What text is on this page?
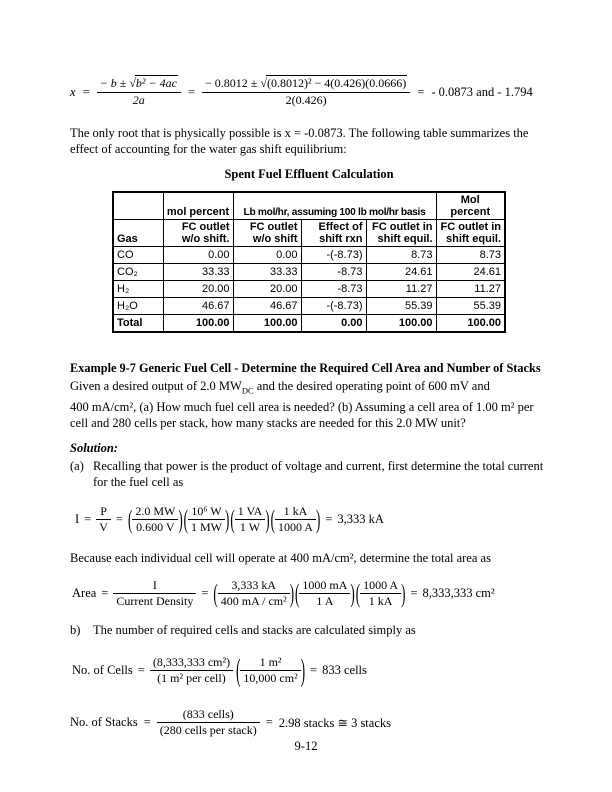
$x = \frac{\text{− b ± √b² − 4ac}}{2a} = \frac{\text{− 0.8012 ± √(0.8012)² − 4(0.426)(0.0666)}}{2(0.426)}$ = - 0.0873 and - 1.794

The only root that is physically possible is x = -0.0873. The following table summarizes the
effect of accounting for the water gas shift equilibrium:

Spent Fuel Effluent Calculation
	mol percent	Lb mol/hr, assuming 100 lb mol/hr basis			Mol percent
Gas	FC outlet w/o shift.	FC outlet w/o shift	Effect of shift rxn	FC outlet in shift equil.	FC outlet in shift equil.
CO	0.00	0.00	-(-8.73)	8.73	8.73
CO₂	33.33	33.33	-8.73	24.61	24.61
H₂	20.00	20.00	-8.73	11.27	11.27
H₂O	46.67	46.67	-(-8.73)	55.39	55.39
Total	100.00	100.00	0.00	100.00	100.00
Example 9-7 Generic Fuel Cell - Determine the Required Cell Area and Number of Stacks
Given a desired output of 2.0 $MW_{DC}$ and the desired operating point of 600 mV and
400 mA/cm², (a) How much fuel cell area is needed? (b) Assuming a cell area of 1.00 m² per
cell and 280 cells per stack, how many stacks are needed for this 2.0 MW unit?
Solution:
(a) Recalling that power is the product of voltage and current, first determine the total current
for the fuel cell as
$I = \frac{P}{V}$ = ( $\frac{2.0 MW}{0.600 V}$ ) ( $\frac{\text{10⁶ W}}{1 MW}$ ) ( $\frac{1 VA}{1 W}$ ) ( $\frac{1 kA}{1000 A}$ ) = 3,333 kA

Because each individual cell will operate at 400 mA/cm², determine the total area as

Area = $\frac{I}{\text{Current Density}}$ = ( $\frac{3,333 kA}{\text{400 mA / cm²}}$ ) ( $\frac{1000 mA}{1 A}$ ) ( $\frac{1000 A}{1 kA}$ ) = 8,333,333 cm²
b)	The number of required cells and stacks are calculated simply as
No. of Cells = $\frac{\text{(8,333,333 cm²)}}{\text{(1 m² per cell)}}$ ( $\frac{\text{1 m²}}{\text{10,000 cm²}}$ ) = 833 cells
No. of Stacks = $\frac{\text{(833 cells)}}{\text{(280 cells per stack)}} = 2.98$ stacks ≅ 3 stacks
9-12
